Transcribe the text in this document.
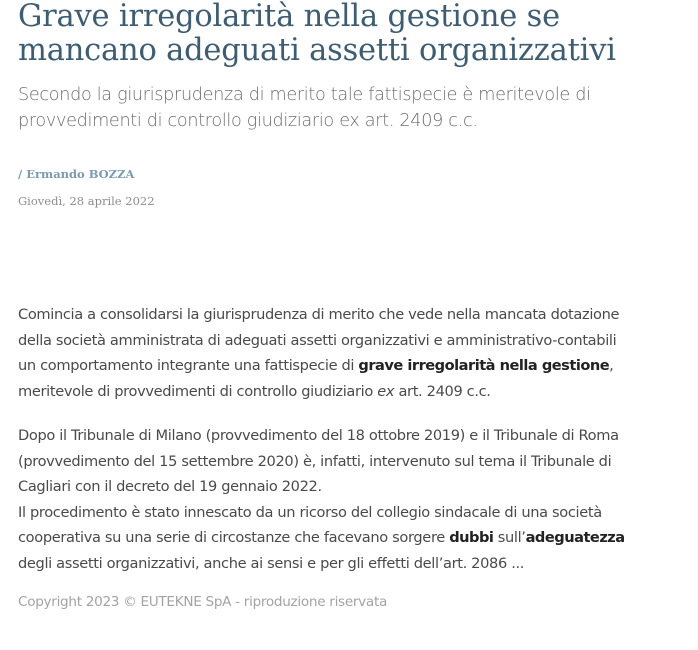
Grave irregolarità nella gestione se
mancano adeguati assetti organizzativi
Secondo la giurisprudenza di merito tale fattispecie è meritevole di
provvedimenti di controllo giudiziario ex art. 2409 c.c.
/ Ermando BOZZA
Giovedì, 28 aprile 2022

Comincia a consolidarsi la giurisprudenza di merito che vede nella mancata dotazione
della società amministrata di adeguati assetti organizzativi e amministrativo-contabili
un comportamento integrante una fattispecie di grave irregolarità nella gestione,
meritevole di provvedimenti di controllo giudiziario ex art. 2409 c.c.

Dopo il Tribunale di Milano (provvedimento del 18 ottobre 2019) e il Tribunale di Roma
(provvedimento del 15 settembre 2020) è, infatti, intervenuto sul tema il Tribunale di
Cagliari con il decreto del 19 gennaio 2022.
Il procedimento è stato innescato da un ricorso del collegio sindacale di una società
cooperativa su una serie di circostanze che facevano sorgere dubbi sull’adeguatezza
degli assetti organizzativi, anche ai sensi e per gli effetti dell’art. 2086 ...

Copyright 2023 © EUTEKNE SpA - riproduzione riservata
